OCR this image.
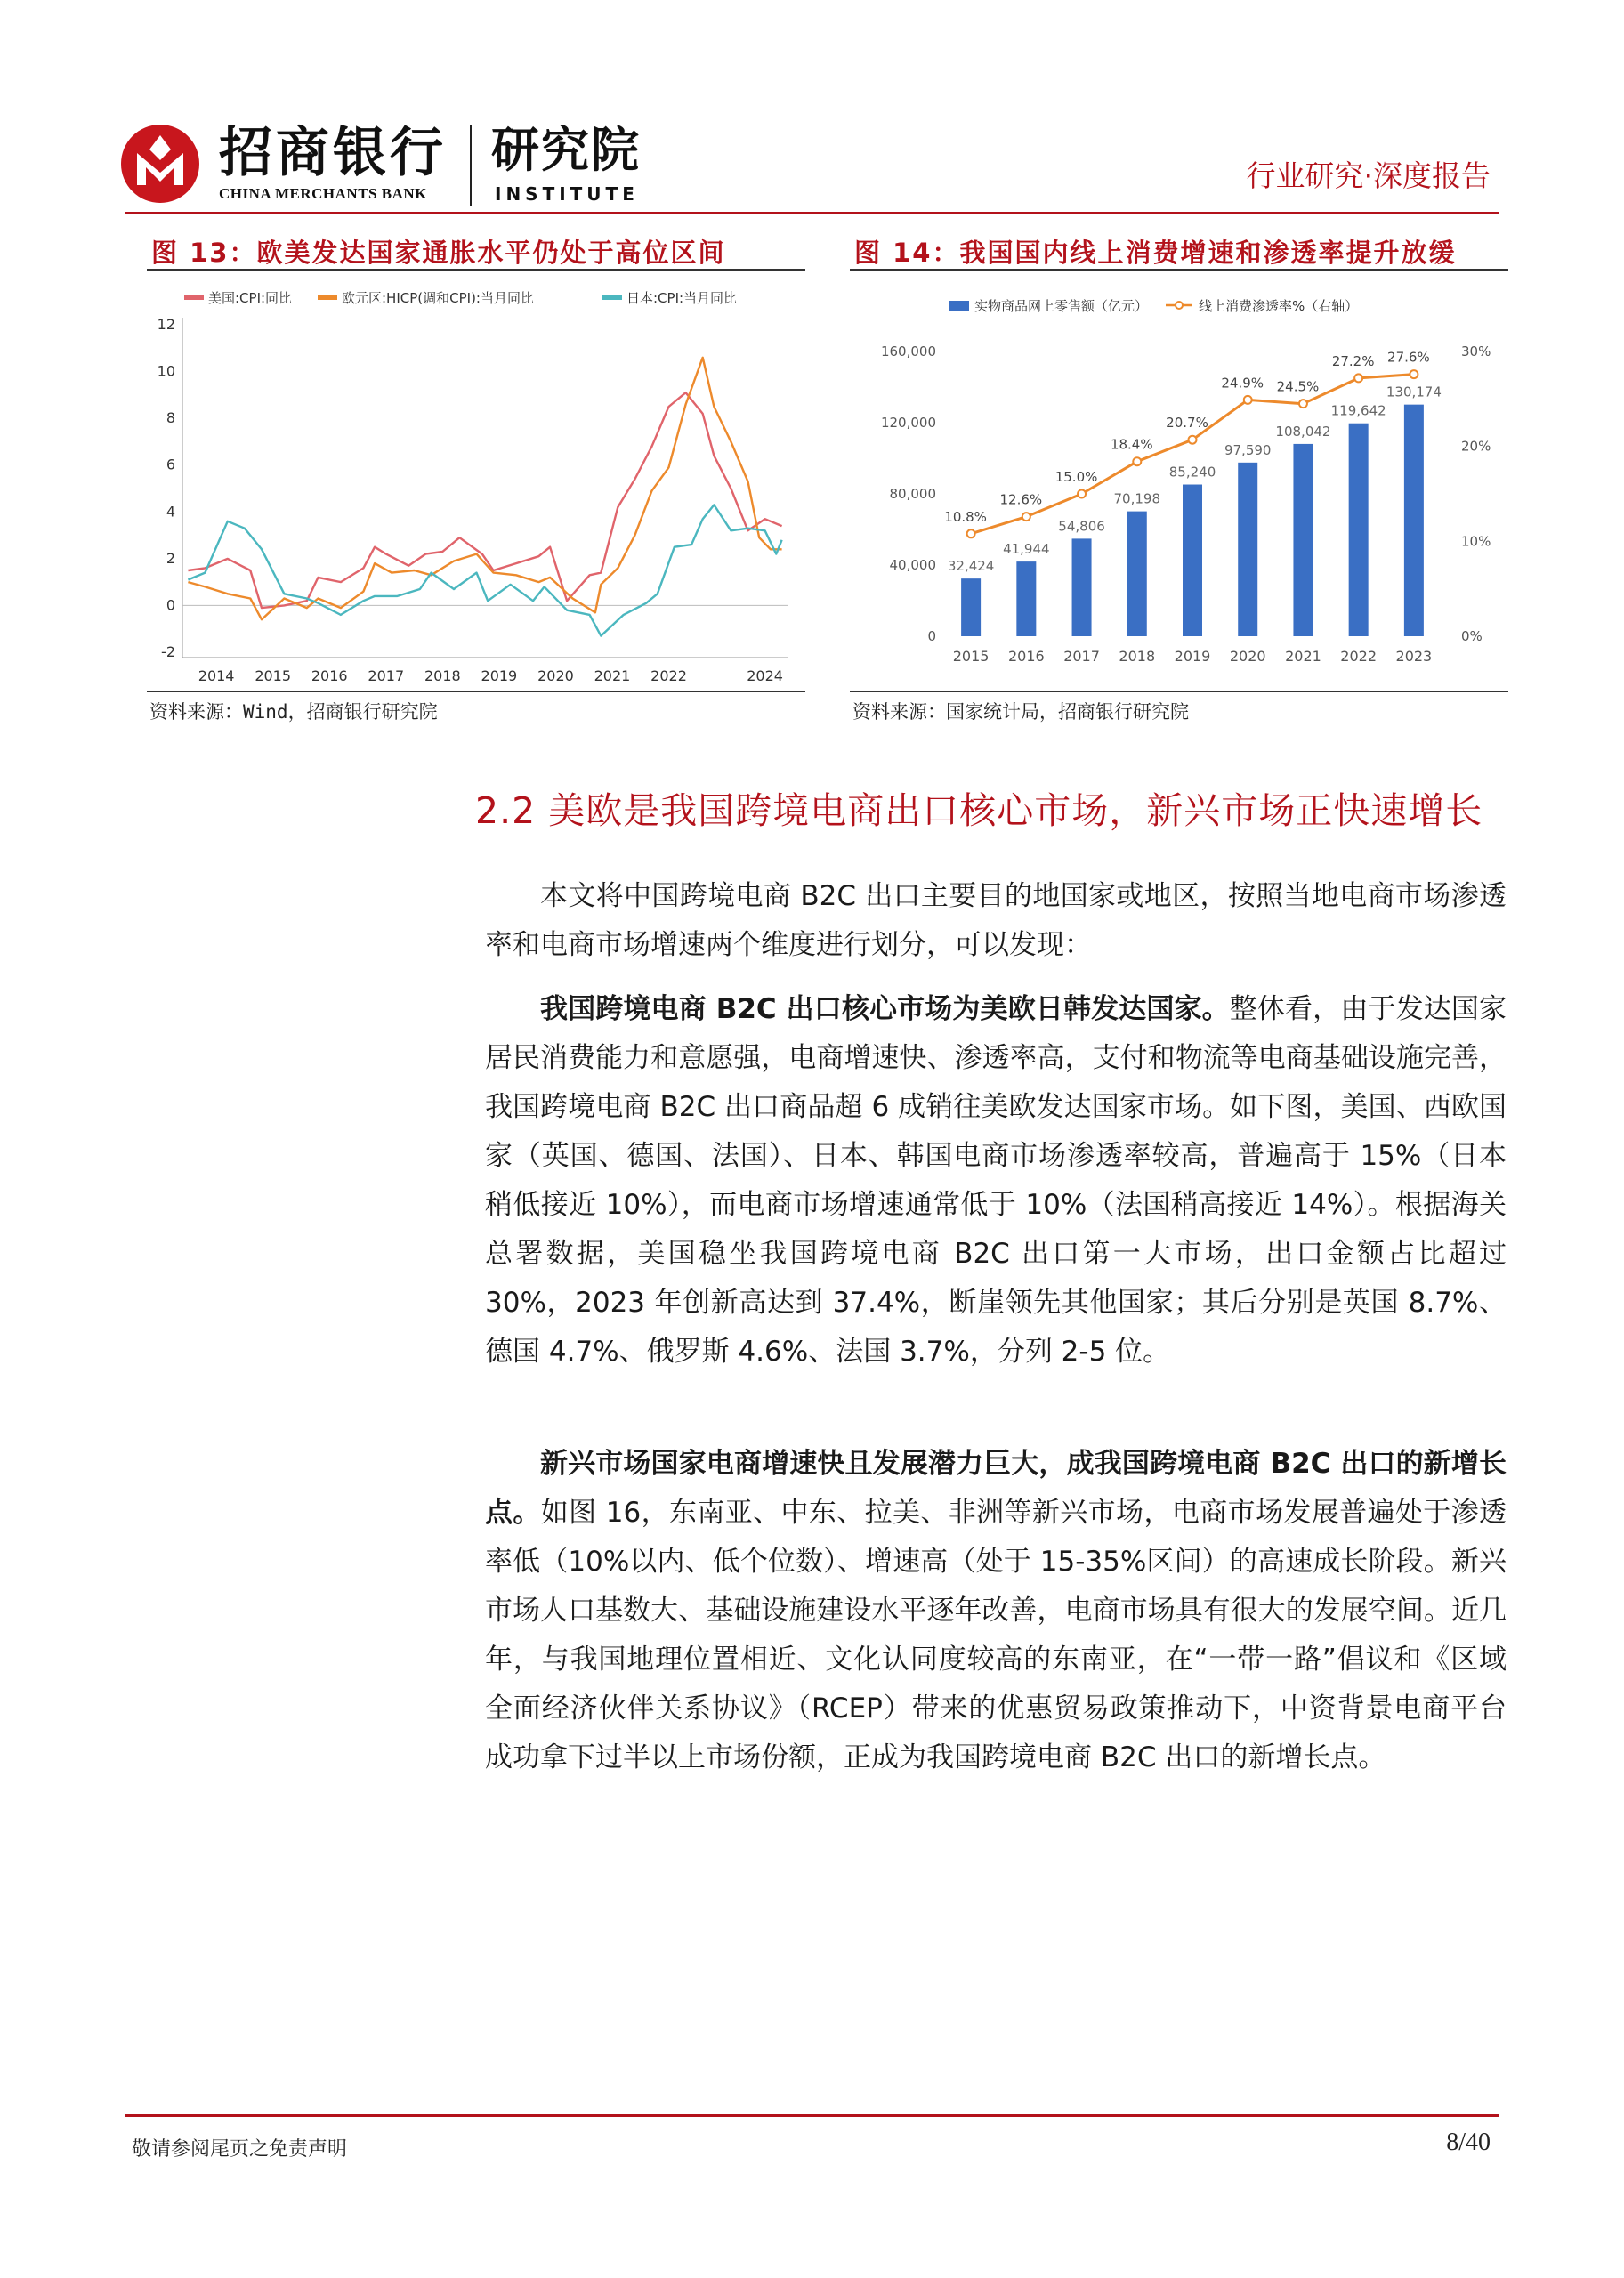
招商银行
CHINA MERCHANTS BANK
研究院
INSTITUTE
行业研究·深度报告
图 13：欧美发达国家通胀水平仍处于高位区间
美国:CPI:同比	欧元区:HICP(调和CPI):当月同比	日本:CPI:当月同比
12
10
8
6
4
2
0
-2
2014 2015 2016 2017 2018 2019 2020 2021 2022	2024
资料来源：Wind，招商银行研究院
图 14：我国国内线上消费增速和渗透率提升放缓
实物商品网上零售额（亿元）	线上消费渗透率%（右轴）
160,000
120,000
80,000
40,000
0
30%
20%
10%
0%
32,424
41,944
54,806
70,198
85,240
97,590
108,042
119,642
130,174
2015 2016 2017 2018 2019 2020 2021 2022 2023
10.8%
12.6%
15.0%
18.4%
20.7%
24.9% 24.5%
27.2% 27.6%
资料来源：国家统计局，招商银行研究院
2.2 美欧是我国跨境电商出口核心市场，新兴市场正快速增长
本文将中国跨境电商 B2C 出口主要目的地国家或地区，按照当地电商市场渗透率和电商市场增速两个维度进行划分，可以发现：
我国跨境电商 B2C 出口核心市场为美欧日韩发达国家。整体看，由于发达国家居民消费能力和意愿强，电商增速快、渗透率高，支付和物流等电商基础设施完善，我国跨境电商 B2C 出口商品超 6 成销往美欧发达国家市场。如下图，美国、西欧国家（英国、德国、法国）、日本、韩国电商市场渗透率较高，普遍高于 15%（日本稍低接近 10%），而电商市场增速通常低于 10%（法国稍高接近 14%）。根据海关总署数据，美国稳坐我国跨境电商 B2C 出口第一大市场，出口金额占比超过 30%，2023 年创新高达到 37.4%，断崖领先其他国家；其后分别是英国 8.7%、德国 4.7%、俄罗斯 4.6%、法国 3.7%，分列 2-5 位。
新兴市场国家电商增速快且发展潜力巨大，成我国跨境电商 B2C 出口的新增长点。如图 16，东南亚、中东、拉美、非洲等新兴市场，电商市场发展普遍处于渗透率低（10%以内、低个位数）、增速高（处于 15-35%区间）的高速成长阶段。新兴市场人口基数大、基础设施建设水平逐年改善，电商市场具有很大的发展空间。近几年，与我国地理位置相近、文化认同度较高的东南亚，在“一带一路”倡议和《区域全面经济伙伴关系协议》（RCEP）带来的优惠贸易政策推动下，中资背景电商平台成功拿下过半以上市场份额，正成为我国跨境电商 B2C 出口的新增长点。
敬请参阅尾页之免责声明	8/40
